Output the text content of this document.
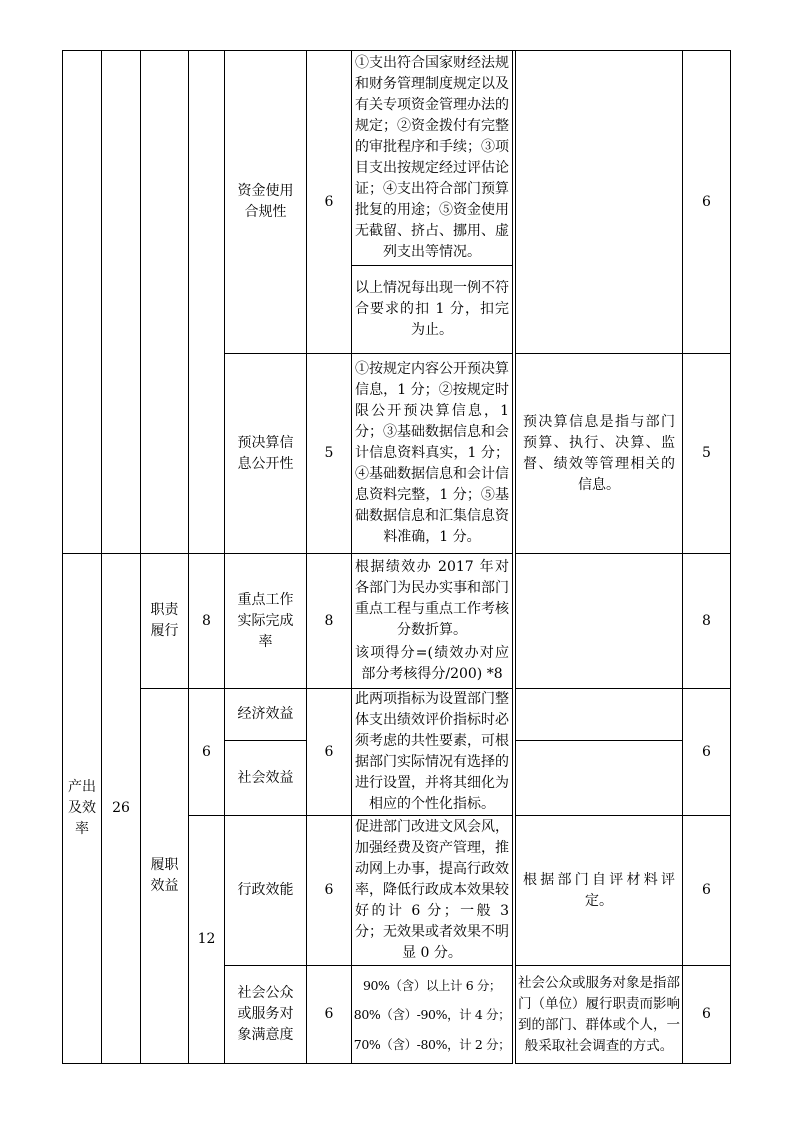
资金使用合规性
6
①支出符合国家财经法规和财务管理制度规定以及有关专项资金管理办法的规定；②资金拨付有完整的审批程序和手续；③项目支出按规定经过评估论证；④支出符合部门预算批复的用途；⑤资金使用无截留、挤占、挪用、虚列支出等情况。
以上情况每出现一例不符合要求的扣 1 分，扣完为止。
6
预决算信息公开性
5
①按规定内容公开预决算信息，1 分；②按规定时限公开预决算信息，1 分；③基础数据信息和会计信息资料真实，1 分；④基础数据信息和会计信息资料完整，1 分；⑤基础数据信息和汇集信息资料准确，1 分。
预决算信息是指与部门预算、执行、决算、监督、绩效等管理相关的信息。
5
产出及效率
26
职责履行
8
重点工作实际完成率
8
根据绩效办 2017 年对各部门为民办实事和部门重点工程与重点工作考核分数折算。
该项得分=(绩效办对应部分考核得分/200) *8
8
履职效益
6
12
经济效益
社会效益
6
此两项指标为设置部门整体支出绩效评价指标时必须考虑的共性要素，可根据部门实际情况有选择的进行设置，并将其细化为相应的个性化指标。
6
行政效能	6
促进部门改进文风会风，加强经费及资产管理，推动网上办事，提高行政效率，降低行政成本效果较好的计 6 分；一般 3 分；无效果或者效果不明显 0 分。
根据部门自评材料评定。
6
社会公众或服务对象满意度
6
90%（含）以上计 6 分；
80%（含）-90%，计 4 分；
70%（含）-80%，计 2 分；
社会公众或服务对象是指部门（单位）履行职责而影响到的部门、群体或个人，一般采取社会调查的方式。
6
